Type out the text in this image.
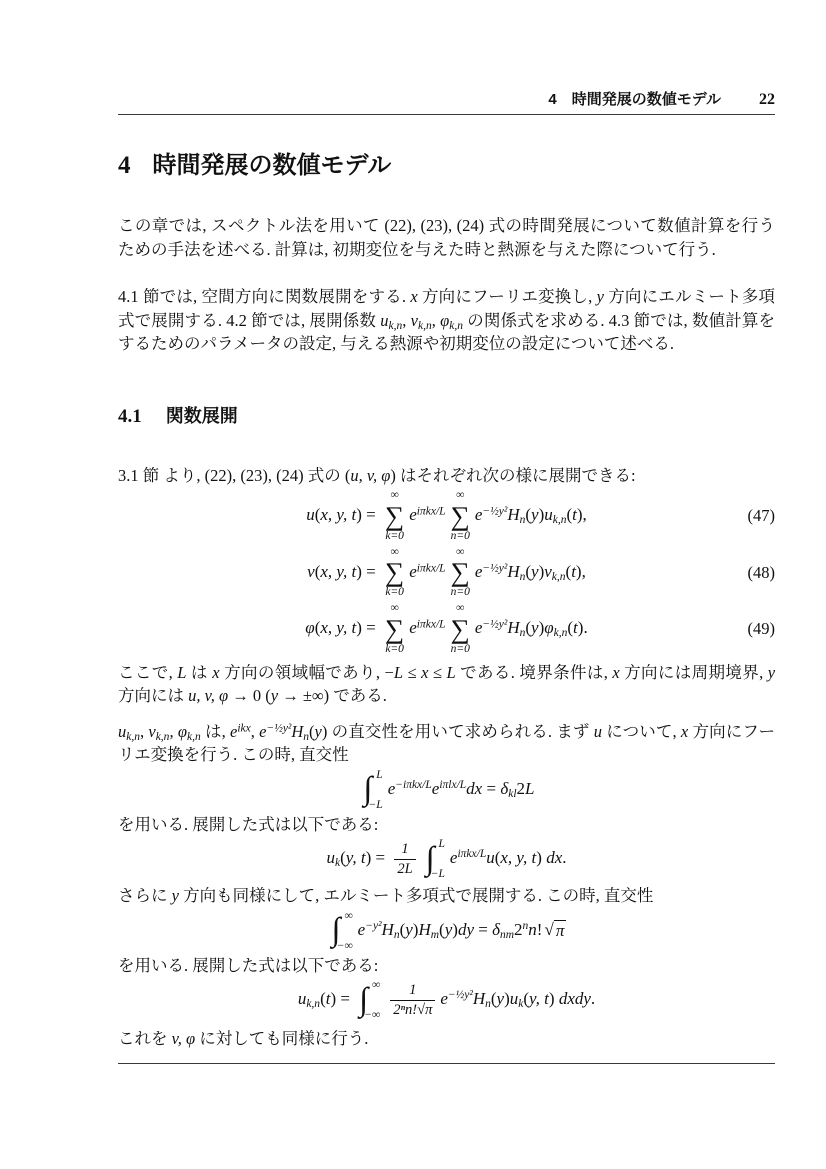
4　時間発展の数値モデル 22
4 時間発展の数値モデル
この章では, スペクトル法を用いて (22), (23), (24) 式の時間発展について数値計算を行うための手法を述べる. 計算は, 初期変位を与えた時と熱源を与えた際について行う.
4.1 節では, 空間方向に関数展開をする. x 方向にフーリエ変換し, y 方向にエルミート多項式で展開する. 4.2 節では, 展開係数 $u_{k,n}$, $v_{k,n}$, $\varphi_{k,n}$ の関係式を求める. 4.3 節では, 数値計算をするためのパラメータの設定, 与える熱源や初期変位の設定について述べる.
4.1 関数展開
3.1 節 より, (22), (23), (24) 式の (u, v, φ) はそれぞれ次の様に展開できる:
u(x, y, t) =
∞
∑
k=0
$e^{i\pi kx/L}$
∞
∑
n=0
$e^{-\frac{1}{2}y^2}H_n(y)u_{k,n}(t)$,	(47)
v(x, y, t) =
∞
∑
k=0
$e^{i\pi kx/L}$
∞
∑
n=0
$e^{-\frac{1}{2}y^2}H_n(y)v_{k,n}(t)$,	(48)
φ(x, y, t) =
∞
∑
k=0
$e^{i\pi kx/L}$
∞
∑
n=0
$e^{-\frac{1}{2}y^2}H_n(y)\varphi_{k,n}(t)$.	(49)
ここで, L は x 方向の領域幅であり, −L ≤ x ≤ L である. 境界条件は, x 方向には周期境界, y 方向には u, v, φ → 0 (y → ±∞) である.
$u_{k,n}$, $v_{k,n}$, $\varphi_{k,n}$ は, $e^{ikx}$, $e^{-\frac{1}{2}y^2}H_n(y)$ の直交性を用いて求められる. まず u について, x 方向にフーリエ変換を行う. この時, 直交性
∫ L
−L
$e^{-i\pi kx/L}e^{i\pi lx/L}dx = \delta_{kl}2L$
を用いる. 展開した式は以下である:
$u_k(y$, $t) = \frac{1}{2L}$ ∫ L
−L
$e^{i\pi kx/L}u(x$, y, t) dx.
さらに y 方向も同様にして, エルミート多項式で展開する. この時, 直交性
∫ ∞
−∞
$e^{-y^2}H_n(y)H_m(y)dy = \delta_{nm}2^nn$! √ π
を用いる. 展開した式は以下である:
$u_{k,n}(t)$ = ∫ ∞
−∞ $\frac{1}{\text{2ⁿn!√π}} e^{-\frac{1}{2}y^2}H_n(y)u_k(y$, t) dxdy.
これを v, φ に対しても同様に行う.
